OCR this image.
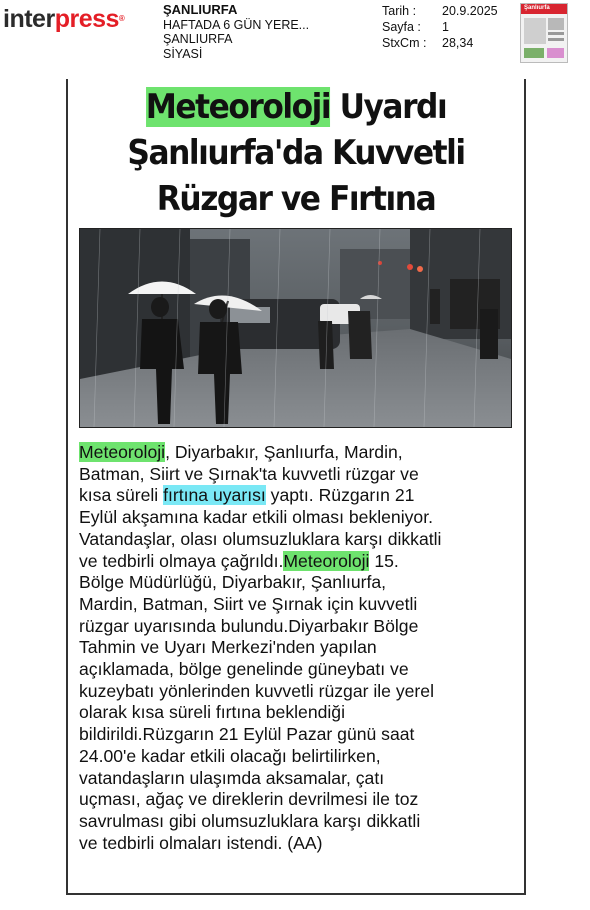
interpress®
ŞANLIURFA
HAFTADA 6 GÜN YERE...
ŞANLIURFA
SİYASİ
Tarih :	20.9.2025
Sayfa :	1
StxCm :	28,34
Şanlıurfa
Meteoroloji Uyardı
Şanlıurfa'da Kuvvetli
Rüzgar ve Fırtına

Meteoroloji, Diyarbakır, Şanlıurfa, Mardin,
Batman, Siirt ve Şırnak'ta kuvvetli rüzgar ve
kısa süreli fırtına uyarısı yaptı. Rüzgarın 21
Eylül akşamına kadar etkili olması bekleniyor.
Vatandaşlar, olası olumsuzluklara karşı dikkatli
ve tedbirli olmaya çağrıldı.Meteoroloji 15.
Bölge Müdürlüğü, Diyarbakır, Şanlıurfa,
Mardin, Batman, Siirt ve Şırnak için kuvvetli
rüzgar uyarısında bulundu.Diyarbakır Bölge
Tahmin ve Uyarı Merkezi'nden yapılan
açıklamada, bölge genelinde güneybatı ve
kuzeybatı yönlerinden kuvvetli rüzgar ile yerel
olarak kısa süreli fırtına beklendiği
bildirildi.Rüzgarın 21 Eylül Pazar günü saat
24.00'e kadar etkili olacağı belirtilirken,
vatandaşların ulaşımda aksamalar, çatı
uçması, ağaç ve direklerin devrilmesi ile toz
savrulması gibi olumsuzluklara karşı dikkatli
ve tedbirli olmaları istendi. (AA)
